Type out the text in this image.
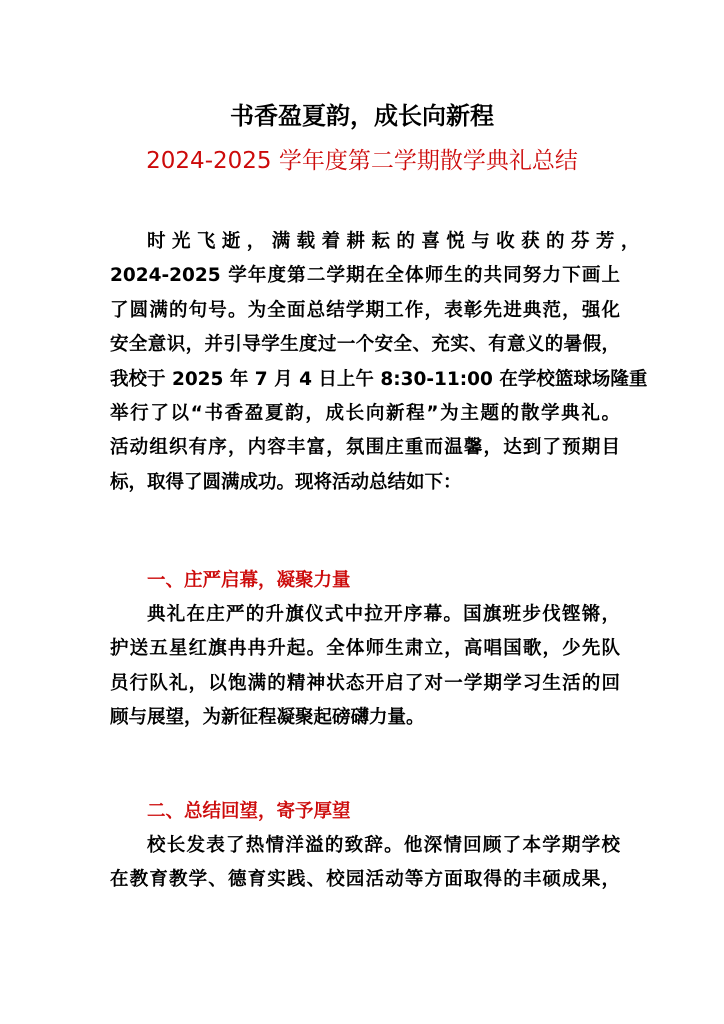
书香盈夏韵，成长向新程
2024-2025 学年度第二学期散学典礼总结
时 光 飞 逝 ， 满 载 着 耕 耘 的 喜 悦 与 收 获 的 芬 芳 ，
2024-2025 学年度第二学期在全体师生的共同努力下画上
了圆满的句号。为全面总结学期工作，表彰先进典范，强化
安全意识，并引导学生度过一个安全、充实、有意义的暑假，
我校于 2025 年 7 月 4 日上午 8:30-11:00 在学校篮球场隆重
举行了以“书香盈夏韵，成长向新程”为主题的散学典礼。
活动组织有序，内容丰富，氛围庄重而温馨，达到了预期目
标，取得了圆满成功。现将活动总结如下：
一、庄严启幕，凝聚力量
典礼在庄严的升旗仪式中拉开序幕。国旗班步伐铿锵，
护送五星红旗冉冉升起。全体师生肃立，高唱国歌，少先队
员行队礼，以饱满的精神状态开启了对一学期学习生活的回
顾与展望，为新征程凝聚起磅礴力量。
二、总结回望，寄予厚望
校长发表了热情洋溢的致辞。他深情回顾了本学期学校
在教育教学、德育实践、校园活动等方面取得的丰硕成果，
